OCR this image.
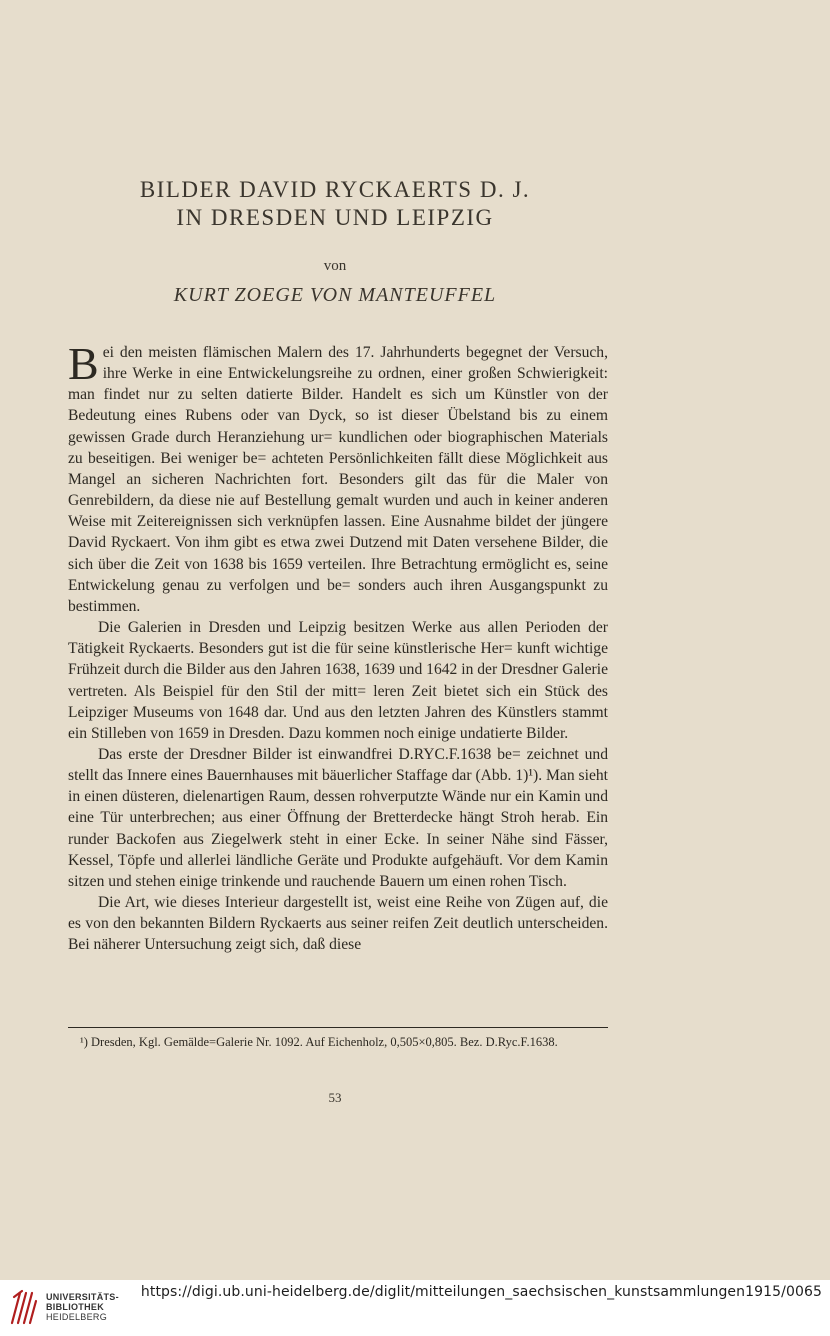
BILDER DAVID RYCKAERTS D. J.
IN DRESDEN UND LEIPZIG
von
KURT ZOEGE VON MANTEUFFEL

Bei den meisten flämischen Malern des 17. Jahrhunderts begegnet der Versuch, ihre Werke in eine Entwickelungsreihe zu ordnen, einer großen Schwierigkeit: man findet nur zu selten datierte Bilder. Handelt es sich um Künstler von der Bedeutung eines Rubens oder van Dyck, so ist dieser Übelstand bis zu einem gewissen Grade durch Heranziehung ur= kundlichen oder biographischen Materials zu beseitigen. Bei weniger be= achteten Persönlichkeiten fällt diese Möglichkeit aus Mangel an sicheren Nachrichten fort. Besonders gilt das für die Maler von Genrebildern, da diese nie auf Bestellung gemalt wurden und auch in keiner anderen Weise mit Zeitereignissen sich verknüpfen lassen. Eine Ausnahme bildet der jüngere David Ryckaert. Von ihm gibt es etwa zwei Dutzend mit Daten versehene Bilder, die sich über die Zeit von 1638 bis 1659 verteilen. Ihre Betrachtung ermöglicht es, seine Entwickelung genau zu verfolgen und be= sonders auch ihren Ausgangspunkt zu bestimmen.

Die Galerien in Dresden und Leipzig besitzen Werke aus allen Perioden der Tätigkeit Ryckaerts. Besonders gut ist die für seine künstlerische Her= kunft wichtige Frühzeit durch die Bilder aus den Jahren 1638, 1639 und 1642 in der Dresdner Galerie vertreten. Als Beispiel für den Stil der mitt= leren Zeit bietet sich ein Stück des Leipziger Museums von 1648 dar. Und aus den letzten Jahren des Künstlers stammt ein Stilleben von 1659 in Dresden. Dazu kommen noch einige undatierte Bilder.

Das erste der Dresdner Bilder ist einwandfrei D.RYC.F.1638 be= zeichnet und stellt das Innere eines Bauernhauses mit bäuerlicher Staffage dar (Abb. 1)¹). Man sieht in einen düsteren, dielenartigen Raum, dessen rohverputzte Wände nur ein Kamin und eine Tür unterbrechen; aus einer Öffnung der Bretterdecke hängt Stroh herab. Ein runder Backofen aus Ziegelwerk steht in einer Ecke. In seiner Nähe sind Fässer, Kessel, Töpfe und allerlei ländliche Geräte und Produkte aufgehäuft. Vor dem Kamin sitzen und stehen einige trinkende und rauchende Bauern um einen rohen Tisch.

Die Art, wie dieses Interieur dargestellt ist, weist eine Reihe von Zügen auf, die es von den bekannten Bildern Ryckaerts aus seiner reifen Zeit deutlich unterscheiden. Bei näherer Untersuchung zeigt sich, daß diese

¹) Dresden, Kgl. Gemälde=Galerie Nr. 1092. Auf Eichenholz, 0,505×0,805. Bez. D.Ryc.F.1638.
53
UNIVERSITÄTS-
BIBLIOTHEK
HEIDELBERG
https://digi.ub.uni-heidelberg.de/diglit/mitteilungen_saechsischen_kunstsammlungen1915/0065
